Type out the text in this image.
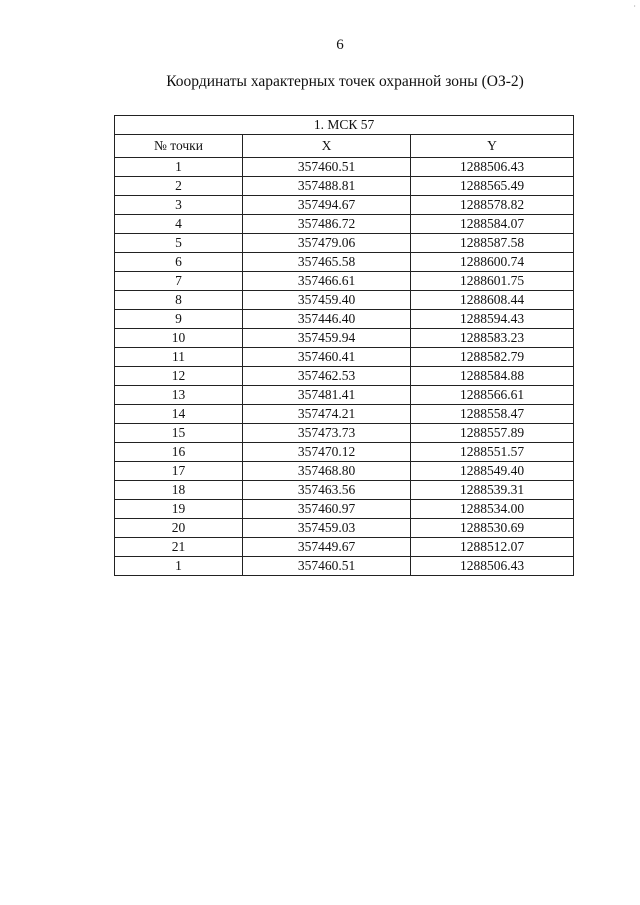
·
6
Координаты характерных точек охранной зоны (ОЗ-2)
1. МСК 57		
№ точки	X	Y
1	357460.51	1288506.43
2	357488.81	1288565.49
3	357494.67	1288578.82
4	357486.72	1288584.07
5	357479.06	1288587.58
6	357465.58	1288600.74
7	357466.61	1288601.75
8	357459.40	1288608.44
9	357446.40	1288594.43
10	357459.94	1288583.23
11	357460.41	1288582.79
12	357462.53	1288584.88
13	357481.41	1288566.61
14	357474.21	1288558.47
15	357473.73	1288557.89
16	357470.12	1288551.57
17	357468.80	1288549.40
18	357463.56	1288539.31
19	357460.97	1288534.00
20	357459.03	1288530.69
21	357449.67	1288512.07
1	357460.51	1288506.43
